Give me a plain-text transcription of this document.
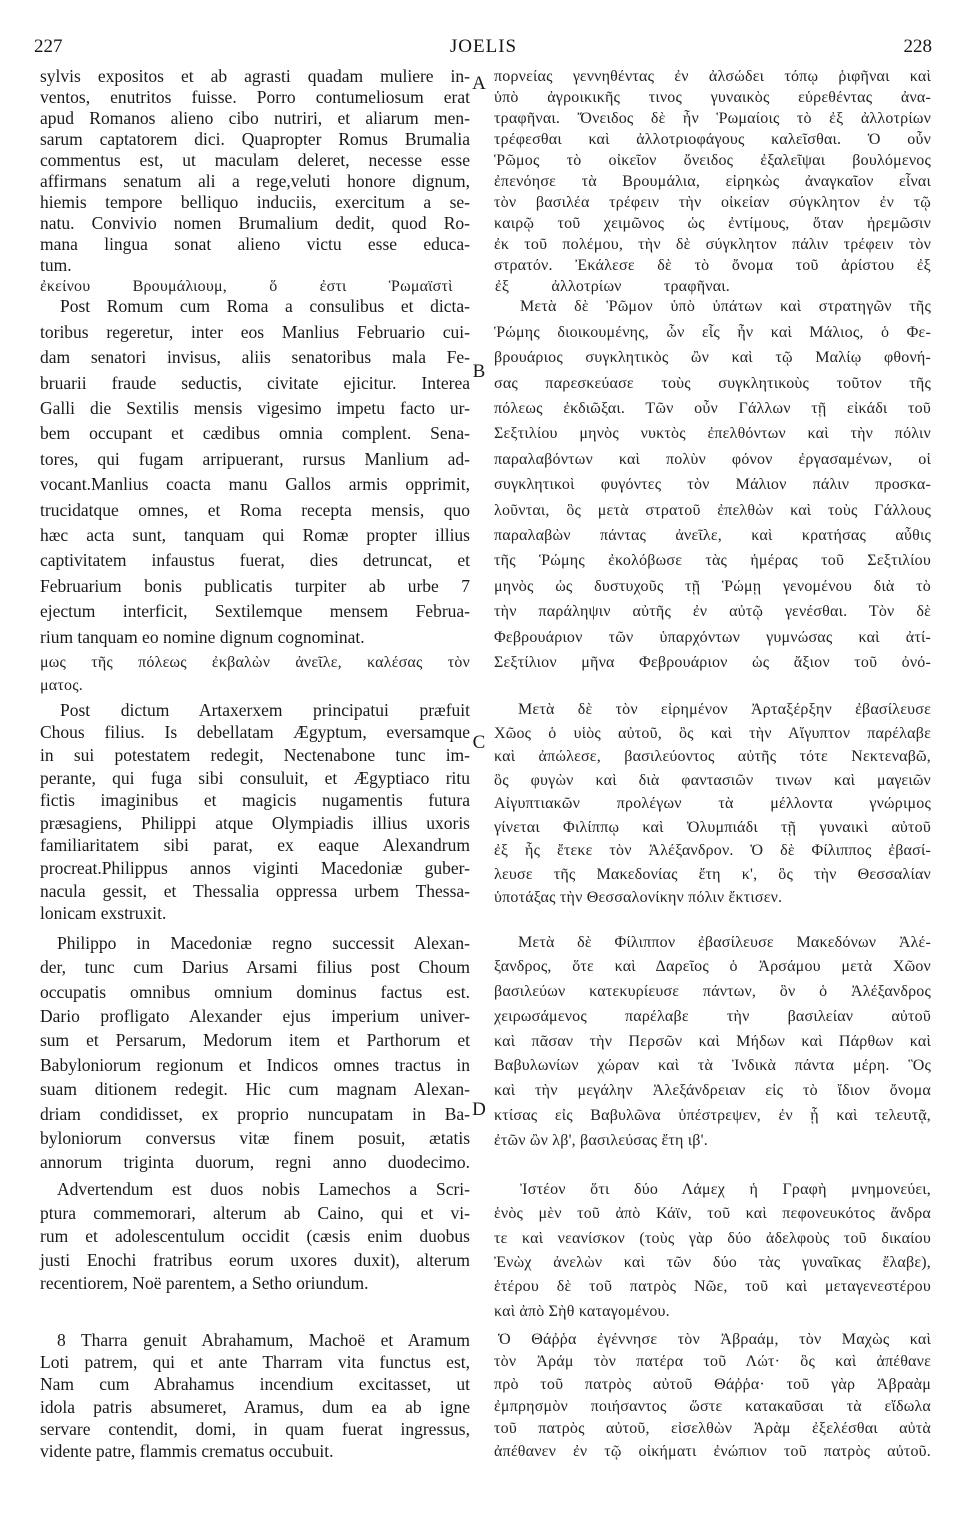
227	JOELIS	228
A
B
C
D
sylvis expositos et ab agrasti quadam muliere in-
ventos, enutritos fuisse. Porro contumeliosum erat
apud Romanos alieno cibo nutriri, et aliarum men-
sarum captatorem dici. Quapropter Romus Brumalia
commentus est, ut maculam deleret, necesse esse
affirmans senatum ali a rege,veluti honore dignum,
hiemis tempore belliquo induciis, exercitum a se-
natu. Convivio nomen Brumalium dedit, quod Ro-
mana lingua sonat alieno victu esse educa-
tum.
πορνείας γεννηθέντας ἐν ἀλσώδει τόπῳ ῥιφῆναι καὶ
ὑπὸ ἀγροικικῆς τινος γυναικὸς εὑρεθέντας ἀνα-
τραφῆναι. Ὄνειδος δὲ ἦν Ῥωμαίοις τὸ ἐξ ἀλλοτρίων
τρέφεσθαι καὶ ἀλλοτριοφάγους καλεῖσθαι. Ὁ οὖν
Ῥῶμος τὸ οἰκεῖον ὄνειδος ἐξαλεῖψαι βουλόμενος
ἐπενόησε τὰ Βρουμάλια, εἰρηκὼς ἀναγκαῖον εἶναι
τὸν βασιλέα τρέφειν τὴν οἰκείαν σύγκλητον ἐν τῷ
καιρῷ τοῦ χειμῶνος ὡς ἐντίμους, ὅταν ἠρεμῶσιν
ἐκ τοῦ πολέμου, τὴν δὲ σύγκλητον πάλιν τρέφειν τὸν
στρατόν. Ἐκάλεσε δὲ τὸ ὄνομα τοῦ ἀρίστου ἐξ
Post Romum cum Roma a consulibus et dicta-
toribus regeretur, inter eos Manlius Februario cui-
dam senatori invisus, aliis senatoribus mala Fe-
bruarii fraude seductis, civitate ejicitur. Interea
Galli die Sextilis mensis vigesimo impetu facto ur-
bem occupant et cædibus omnia complent. Sena-
tores, qui fugam arripuerant, rursus Manlium ad-
vocant.Manlius coacta manu Gallos armis opprimit,
trucidatque omnes, et Roma recepta mensis, quo
hæc acta sunt, tanquam qui Romæ propter illius
captivitatem infaustus fuerat, dies detruncat, et
Februarium bonis publicatis turpiter ab urbe 7
ejectum interficit, Sextilemque mensem Februa-
rium tanquam eo nomine dignum cognominat.
Μετὰ δὲ Ῥῶμον ὑπὸ ὑπάτων καὶ στρατηγῶν τῆς
Ῥώμης διοικουμένης, ὧν εἷς ἦν καὶ Μάλιος, ὁ Φε-
βρουάριος συγκλητικὸς ὢν καὶ τῷ Μαλίῳ φθονή-
σας παρεσκεύασε τοὺς συγκλητικοὺς τοῦτον τῆς
πόλεως ἐκδιῶξαι. Τῶν οὖν Γάλλων τῇ εἰκάδι τοῦ
Σεξτιλίου μηνὸς νυκτὸς ἐπελθόντων καὶ τὴν πόλιν
παραλαβόντων καὶ πολὺν φόνον ἐργασαμένων, οἱ
συγκλητικοὶ φυγόντες τὸν Μάλιον πάλιν προσκα-
λοῦνται, ὃς μετὰ στρατοῦ ἐπελθὼν καὶ τοὺς Γάλλους
παραλαβὼν πάντας ἀνεῖλε, καὶ κρατήσας αὖθις
τῆς Ῥώμης ἐκολόβωσε τὰς ἡμέρας τοῦ Σεξτιλίου
μηνὸς ὡς δυστυχοῦς τῇ Ῥώμῃ γενομένου διὰ τὸ
τὴν παράληψιν αὐτῆς ἐν αὐτῷ γενέσθαι. Τὸν δὲ
Φεβρουάριον τῶν ὑπαρχόντων γυμνώσας καὶ ἀτί-
Post dictum Artaxerxem principatui præfuit
Chous filius. Is debellatam Ægyptum, eversamque
in sui potestatem redegit, Nectenabone tunc im-
perante, qui fuga sibi consuluit, et Ægyptiaco ritu
fictis imaginibus et magicis nugamentis futura
præsagiens, Philippi atque Olympiadis illius uxoris
familiaritatem sibi parat, ex eaque Alexandrum
procreat.Philippus annos viginti Macedoniæ guber-
nacula gessit, et Thessalia oppressa urbem Thessa-
lonicam exstruxit.
Μετὰ δὲ τὸν εἰρημένον Ἀρταξέρξην ἐβασίλευσε
Χῶος ὁ υἱὸς αὐτοῦ, ὃς καὶ τὴν Αἴγυπτον παρέλαβε
καὶ ἀπώλεσε, βασιλεύοντος αὐτῆς τότε Νεκτεναβῶ,
ὃς φυγὼν καὶ διὰ φαντασιῶν τινων καὶ μαγειῶν
Αἰγυπτιακῶν προλέγων τὰ μέλλοντα γνώριμος
γίνεται Φιλίππῳ καὶ Ὀλυμπιάδι τῇ γυναικὶ αὐτοῦ
ἐξ ἧς ἔτεκε τὸν Ἀλέξανδρον. Ὁ δὲ Φίλιππος ἐβασί-
λευσε τῆς Μακεδονίας ἔτη κ', ὃς τὴν Θεσσαλίαν
ὑποτάξας τὴν Θεσσαλονίκην πόλιν ἔκτισεν.
Philippo in Macedoniæ regno successit Alexan-
der, tunc cum Darius Arsami filius post Choum
occupatis omnibus omnium dominus factus est.
Dario profligato Alexander ejus imperium univer-
sum et Persarum, Medorum item et Parthorum et
Babyloniorum regionum et Indicos omnes tractus in
suam ditionem redegit. Hic cum magnam Alexan-
driam condidisset, ex proprio nuncupatam in Ba-
byloniorum conversus vitæ finem posuit, ætatis
annorum triginta duorum, regni anno duodecimo.
Μετὰ δὲ Φίλιππον ἐβασίλευσε Μακεδόνων Ἀλέ-
ξανδρος, ὅτε καὶ Δαρεῖος ὁ Ἀρσάμου μετὰ Χῶον
βασιλεύων κατεκυρίευσε πάντων, ὃν ὁ Ἀλέξανδρος
χειρωσάμενος παρέλαβε τὴν βασιλείαν αὐτοῦ
καὶ πᾶσαν τὴν Περσῶν καὶ Μήδων καὶ Πάρθων καὶ
Βαβυλωνίων χώραν καὶ τὰ Ἰνδικὰ πάντα μέρη. Ὃς
καὶ τὴν μεγάλην Ἀλεξάνδρειαν εἰς τὸ ἴδιον ὄνομα
κτίσας εἰς Βαβυλῶνα ὑπέστρεψεν, ἐν ᾗ καὶ τελευτᾷ,
ἐτῶν ὢν λβ', βασιλεύσας ἔτη ιβ'.
Advertendum est duos nobis Lamechos a Scri-
ptura commemorari, alterum ab Caino, qui et vi-
rum et adolescentulum occidit (cæsis enim duobus
justi Enochi fratribus eorum uxores duxit), alterum
recentiorem, Noë parentem, a Setho oriundum.
Ἰστέον ὅτι δύο Λάμεχ ἡ Γραφὴ μνημονεύει,
ἑνὸς μὲν τοῦ ἀπὸ Κάϊν, τοῦ καὶ πεφονευκότος ἄνδρα
τε καὶ νεανίσκον (τοὺς γὰρ δύο ἀδελφοὺς τοῦ δικαίου
Ἐνὼχ ἀνελὼν καὶ τῶν δύο τὰς γυναῖκας ἔλαβε),
ἑτέρου δὲ τοῦ πατρὸς Νῶε, τοῦ καὶ μεταγενεστέρου
καὶ ἀπὸ Σὴθ καταγομένου.
8 Tharra genuit Abrahamum, Machoë et Aramum
Loti patrem, qui et ante Tharram vita functus est,
Nam cum Abrahamus incendium excitasset, ut
idola patris absumeret, Aramus, dum ea ab igne
servare contendit, domi, in quam fuerat ingressus,
vidente patre, flammis crematus occubuit.
Ὁ Θάῤῥα ἐγέννησε τὸν Ἀβραάμ, τὸν Μαχὼς καὶ
τὸν Ἀράμ τὸν πατέρα τοῦ Λώτ· ὃς καὶ ἀπέθανε
πρὸ τοῦ πατρὸς αὐτοῦ Θάῤῥα· τοῦ γὰρ Ἀβραὰμ
ἐμπρησμὸν ποιήσαντος ὥστε κατακαῦσαι τὰ εἴδωλα
τοῦ πατρὸς αὐτοῦ, εἰσελθὼν Ἀρὰμ ἐξελέσθαι αὐτὰ
ἀπέθανεν ἐν τῷ οἰκήματι ἐνώπιον τοῦ πατρὸς αὐτοῦ.
ἐκείνου Βρουμάλιουμ, ὅ ἐστι Ῥωμαϊστὶ ἐξ ἀλλοτρίων τραφῆναι.
μως τῆς πόλεως ἐκβαλὼν ἀνεῖλε, καλέσας τὸν Σεξτίλιον μῆνα Φεβρουάριον ὡς ἄξιον τοῦ ὀνό-
ματος.
